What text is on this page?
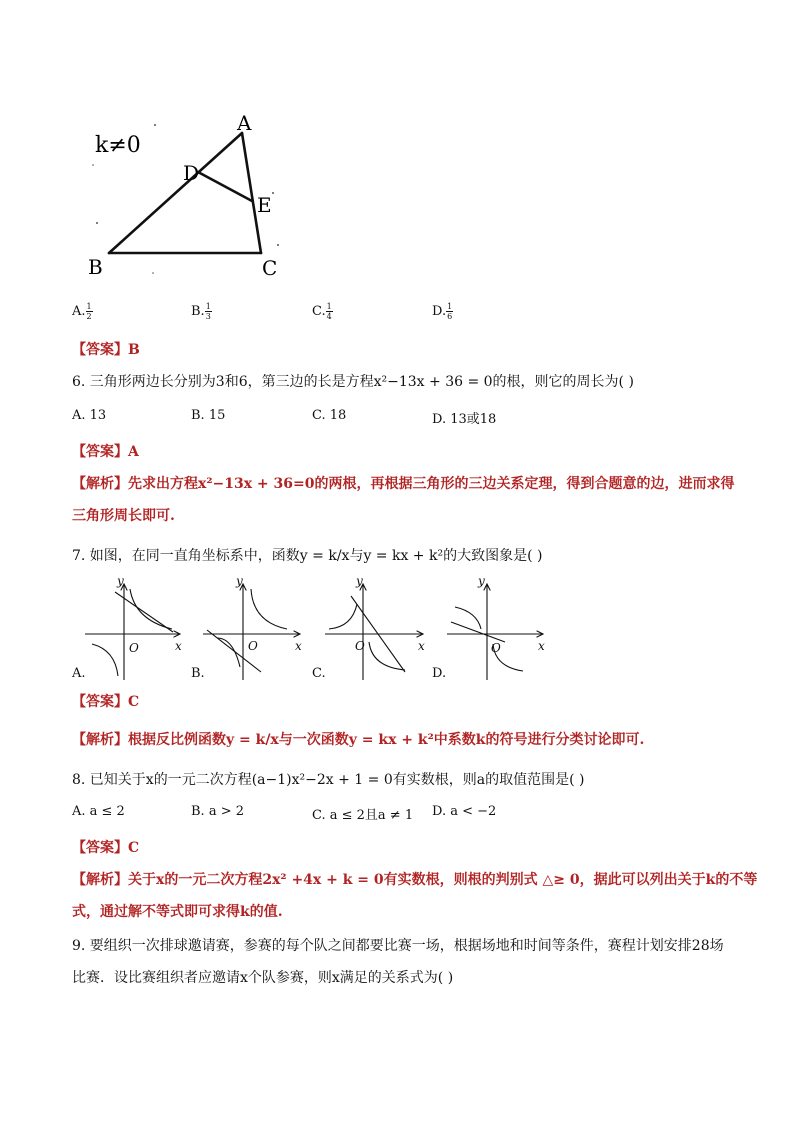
k≠0
A
D
E
B	C
A. $\frac{1}{2}$	B. $\frac{1}{3}$	C. $\frac{1}{4}$	D. $\frac{1}{6}$
【答案】B
6. 三角形两边长分别为3和6，第三边的长是方程x²−13x + 36 = 0的根，则它的周长为( )
A. 13	B. 15	C. 18	D. 13或18
【答案】A
【解析】先求出方程x²−13x + 36=0的两根，再根据三角形的三边关系定理，得到合题意的边，进而求得
三角形周长即可.
7. 如图，在同一直角坐标系中，函数y = k/x与y = kx + k²的大致图象是( )
y
x
O
y
x
O
y
x
O
y
x
O
A.	B.	C.	D.
【答案】C
【解析】根据反比例函数y = k/x与一次函数y = kx + k²中系数k的符号进行分类讨论即可.
8. 已知关于x的一元二次方程(a−1)x²−2x + 1 = 0有实数根，则a的取值范围是( )
A. a ≤ 2	B. a > 2	C. a ≤ 2且a ≠ 1 D. a < −2
【答案】C
【解析】关于x的一元二次方程2x² +4x + k = 0有实数根，则根的判别式 △≥ 0，据此可以列出关于k的不等
式，通过解不等式即可求得k的值.
9. 要组织一次排球邀请赛，参赛的每个队之间都要比赛一场，根据场地和时间等条件，赛程计划安排28场
比赛．设比赛组织者应邀请x个队参赛，则x满足的关系式为( )
